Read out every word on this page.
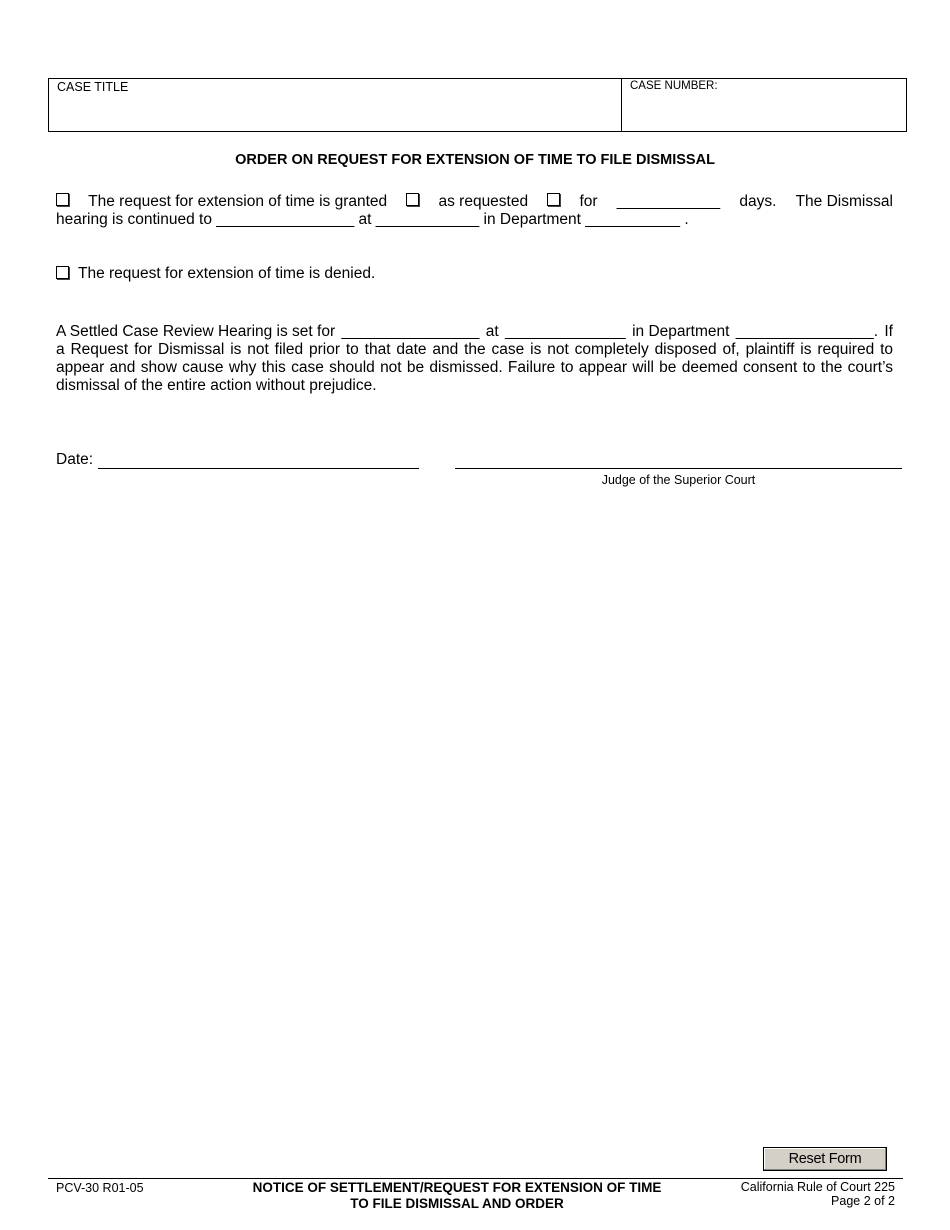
CASE TITLE	CASE NUMBER:
ORDER ON REQUEST FOR EXTENSION OF TIME TO FILE DISMISSAL
The request for extension of time is granted	as requested	for ____________ days. The Dismissal
hearing is continued to ________________ at ____________ in Department ___________ .
The request for extension of time is denied.
A Settled Case Review Hearing is set for ________________ at ______________ in Department ________________. If
a Request for Dismissal is not filed prior to that date and the case is not completely disposed of, plaintiff is required to appear and show cause why this case should not be dismissed. Failure to appear will be deemed consent to the court’s dismissal of the entire action without prejudice.
Date:
Judge of the Superior Court
Reset Form
PCV-30 R01-05	NOTICE OF SETTLEMENT/REQUEST FOR EXTENSION OF TIME
TO FILE DISMISSAL AND ORDER
California Rule of Court 225
Page 2 of 2
